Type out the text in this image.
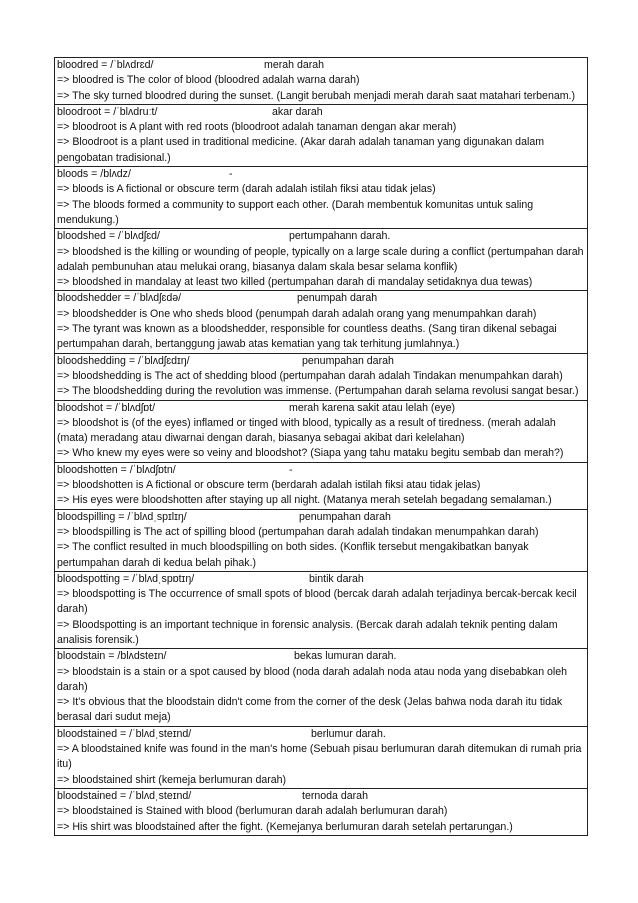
bloodred = /ˈblʌdrɛd/	merah darah
=> bloodred is The color of blood (bloodred adalah warna darah)
=> The sky turned bloodred during the sunset. (Langit berubah menjadi merah darah saat matahari terbenam.)
bloodroot = /ˈblʌdruːt/	akar darah
=> bloodroot is A plant with red roots (bloodroot adalah tanaman dengan akar merah)
=> Bloodroot is a plant used in traditional medicine. (Akar darah adalah tanaman yang digunakan dalam pengobatan tradisional.)
bloods = /blʌdz/	-
=> bloods is A fictional or obscure term (darah adalah istilah fiksi atau tidak jelas)
=> The bloods formed a community to support each other. (Darah membentuk komunitas untuk saling mendukung.)
bloodshed = /ˈblʌdʃɛd/	pertumpahann darah.
=> bloodshed is the killing or wounding of people, typically on a large scale during a conflict (pertumpahan darah adalah pembunuhan atau melukai orang, biasanya dalam skala besar selama konflik)
=> bloodshed in mandalay at least two killed (pertumpahan darah di mandalay setidaknya dua tewas)
bloodshedder = /ˈblʌdʃɛdə/	penumpah darah
=> bloodshedder is One who sheds blood (penumpah darah adalah orang yang menumpahkan darah)
=> The tyrant was known as a bloodshedder, responsible for countless deaths. (Sang tiran dikenal sebagai pertumpahan darah, bertanggung jawab atas kematian yang tak terhitung jumlahnya.)
bloodshedding = /ˈblʌdʃɛdɪŋ/	penumpahan darah
=> bloodshedding is The act of shedding blood (pertumpahan darah adalah Tindakan menumpahkan darah)
=> The bloodshedding during the revolution was immense. (Pertumpahan darah selama revolusi sangat besar.)
bloodshot = /ˈblʌdʃɒt/	merah karena sakit atau lelah (eye)
=> bloodshot is (of the eyes) inflamed or tinged with blood, typically as a result of tiredness. (merah adalah (mata) meradang atau diwarnai dengan darah, biasanya sebagai akibat dari kelelahan)
=> Who knew my eyes were so veiny and bloodshot? (Siapa yang tahu mataku begitu sembab dan merah?)
bloodshotten = /ˈblʌdʃɒtn/	-
=> bloodshotten is A fictional or obscure term (berdarah adalah istilah fiksi atau tidak jelas)
=> His eyes were bloodshotten after staying up all night. (Matanya merah setelah begadang semalaman.)
bloodspilling = /ˈblʌdˌspɪlɪŋ/	penumpahan darah
=> bloodspilling is The act of spilling blood (pertumpahan darah adalah tindakan menumpahkan darah)
=> The conflict resulted in much bloodspilling on both sides. (Konflik tersebut mengakibatkan banyak pertumpahan darah di kedua belah pihak.)
bloodspotting = /ˈblʌdˌspɒtɪŋ/	bintik darah
=> bloodspotting is The occurrence of small spots of blood (bercak darah adalah terjadinya bercak-bercak kecil darah)
=> Bloodspotting is an important technique in forensic analysis. (Bercak darah adalah teknik penting dalam analisis forensik.)
bloodstain = /blʌdsteɪn/	bekas lumuran darah.
=> bloodstain is a stain or a spot caused by blood (noda darah adalah noda atau noda yang disebabkan oleh darah)
=> It's obvious that the bloodstain didn't come from the corner of the desk (Jelas bahwa noda darah itu tidak berasal dari sudut meja)
bloodstained = /ˈblʌdˌsteɪnd/	berlumur darah.
=> A bloodstained knife was found in the man's home (Sebuah pisau berlumuran darah ditemukan di rumah pria itu)
=> bloodstained shirt (kemeja berlumuran darah)
bloodstained = /ˈblʌdˌsteɪnd/	ternoda darah
=> bloodstained is Stained with blood (berlumuran darah adalah berlumuran darah)
=> His shirt was bloodstained after the fight. (Kemejanya berlumuran darah setelah pertarungan.)
